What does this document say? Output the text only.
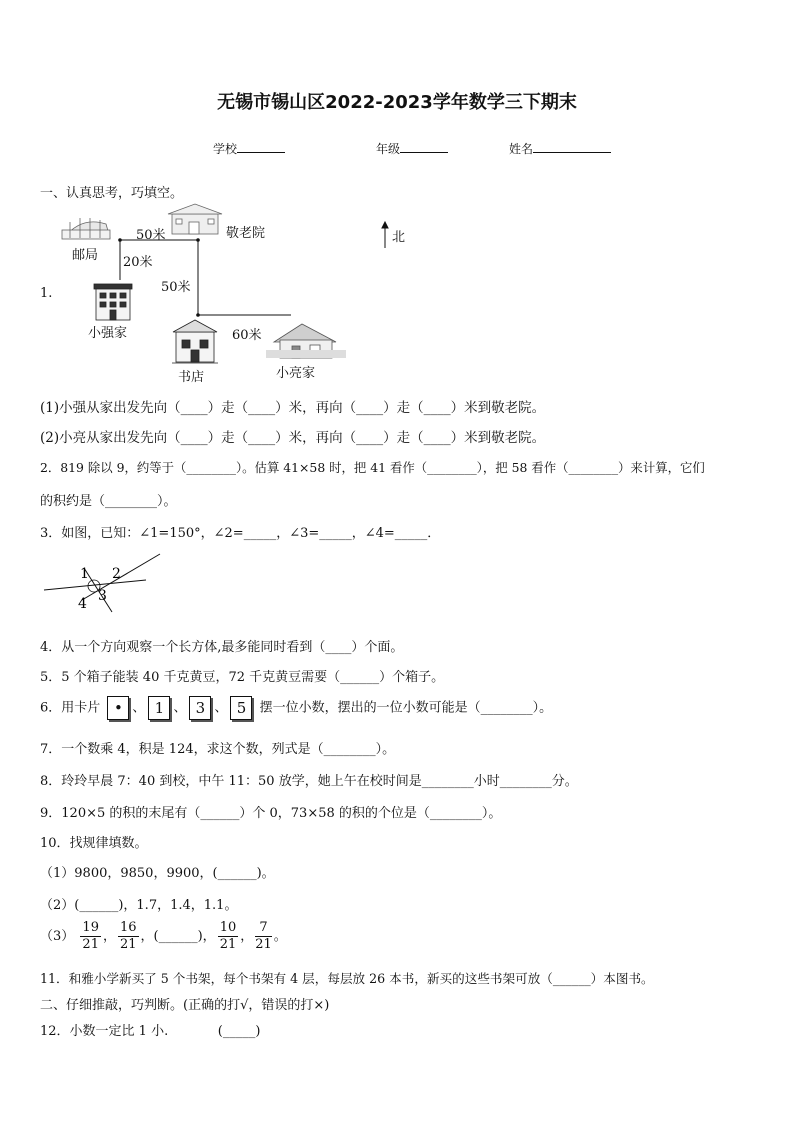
无锡市锡山区2022-2023学年数学三下期末
学校	年级	姓名
一、认真思考，巧填空。
邮局
敬老院
小强家
书店	小亮家
北
50米
20米
50米
60米
1.
(1)小强从家出发先向（____）走（____）米，再向（____）走（____）米到敬老院。
(2)小亮从家出发先向（____）走（____）米，再向（____）走（____）米到敬老院。
2．819 除以 9，约等于（________）。估算 41×58 时，把 41 看作（________），把 58 看作（________）来计算，它们
的积约是（________）。
3．如图，已知：∠1=150°，∠2=_____，∠3=_____，∠4=_____．
1 2
3
4
4．从一个方向观察一个长方体,最多能同时看到（____）个面。
5．5 个箱子能装 40 千克黄豆，72 千克黄豆需要（______）个箱子。
6．用卡片 • 、 1 、 3 、 5 摆一位小数，摆出的一位小数可能是（________）。
7．一个数乘 4，积是 124，求这个数，列式是（________）。
8．玲玲早晨 7：40 到校，中午 11：50 放学，她上午在校时间是________小时________分。
9．120×5 的积的末尾有（______）个 0，73×58 的积的个位是（________）。
10．找规律填数。
（1）9800，9850，9900，(______)。
（2）(______)，1.7，1.4，1.1。
$(3) \frac{19}{21}$ ， $\frac{16}{21}$ ，(______)， $\frac{10}{21}$ ， $\frac{7}{21}$ 。
11．和雅小学新买了 5 个书架，每个书架有 4 层，每层放 26 本书，新买的这些书架可放（______）本图书。
二、仔细推敲，巧判断。(正确的打√，错误的打×)
12．小数一定比 1 小.            (_____)
